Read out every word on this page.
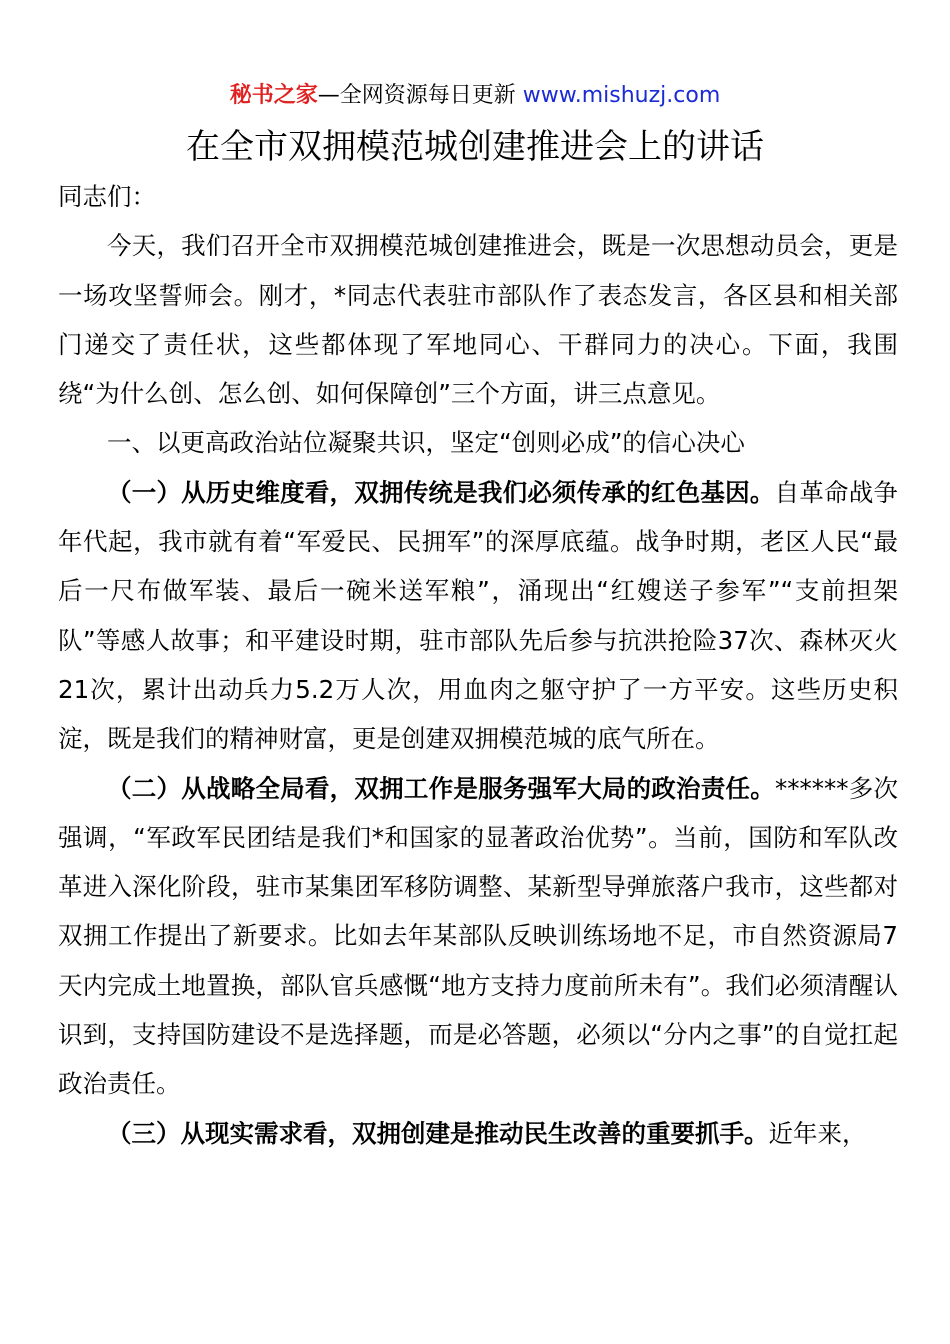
秘书之家—全网资源每日更新 www.mishuzj.com
在全市双拥模范城创建推进会上的讲话

同志们：

今天，我们召开全市双拥模范城创建推进会，既是一次思想动员会，更是一场攻坚誓师会。刚才，*同志代表驻市部队作了表态发言，各区县和相关部门递交了责任状，这些都体现了军地同心、干群同力的决心。下面，我围绕“为什么创、怎么创、如何保障创”三个方面，讲三点意见。

一、以更高政治站位凝聚共识，坚定“创则必成”的信心决心

（一）从历史维度看，双拥传统是我们必须传承的红色基因。自革命战争年代起，我市就有着“军爱民、民拥军”的深厚底蕴。战争时期，老区人民“最后一尺布做军装、最后一碗米送军粮”，涌现出“红嫂送子参军”“支前担架队”等感人故事；和平建设时期，驻市部队先后参与抗洪抢险37次、森林灭火21次，累计出动兵力5.2万人次，用血肉之躯守护了一方平安。这些历史积淀，既是我们的精神财富，更是创建双拥模范城的底气所在。

（二）从战略全局看，双拥工作是服务强军大局的政治责任。******多次强调，“军政军民团结是我们*和国家的显著政治优势”。当前，国防和军队改革进入深化阶段，驻市某集团军移防调整、某新型导弹旅落户我市，这些都对双拥工作提出了新要求。比如去年某部队反映训练场地不足，市自然资源局7天内完成土地置换，部队官兵感慨“地方支持力度前所未有”。我们必须清醒认识到，支持国防建设不是选择题，而是必答题，必须以“分内之事”的自觉扛起政治责任。

（三）从现实需求看，双拥创建是推动民生改善的重要抓手。近年来，
